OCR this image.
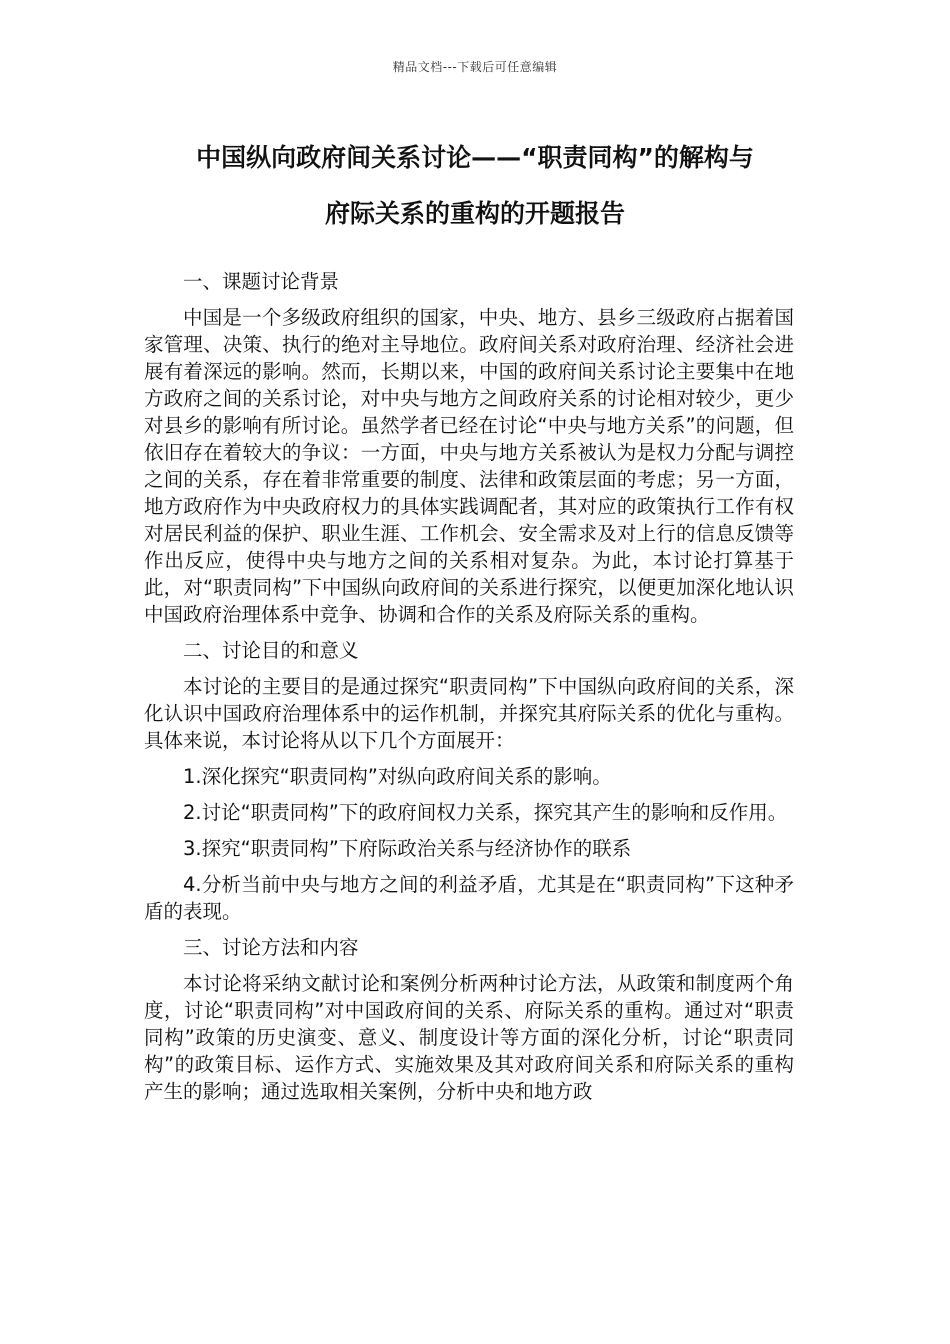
精品文档---下载后可任意编辑
中国纵向政府间关系讨论——“职责同构”的解构与
府际关系的重构的开题报告

一、课题讨论背景

中国是一个多级政府组织的国家，中央、地方、县乡三级政府占据着国家管理、决策、执行的绝对主导地位。政府间关系对政府治理、经济社会进展有着深远的影响。然而，长期以来，中国的政府间关系讨论主要集中在地方政府之间的关系讨论，对中央与地方之间政府关系的讨论相对较少，更少对县乡的影响有所讨论。虽然学者已经在讨论“中央与地方关系”的问题，但依旧存在着较大的争议：一方面，中央与地方关系被认为是权力分配与调控之间的关系，存在着非常重要的制度、法律和政策层面的考虑；另一方面，地方政府作为中央政府权力的具体实践调配者，其对应的政策执行工作有权对居民利益的保护、职业生涯、工作机会、安全需求及对上行的信息反馈等作出反应，使得中央与地方之间的关系相对复杂。为此，本讨论打算基于此，对“职责同构”下中国纵向政府间的关系进行探究，以便更加深化地认识中国政府治理体系中竞争、协调和合作的关系及府际关系的重构。

二、讨论目的和意义

本讨论的主要目的是通过探究“职责同构”下中国纵向政府间的关系，深化认识中国政府治理体系中的运作机制，并探究其府际关系的优化与重构。具体来说，本讨论将从以下几个方面展开：

1.深化探究“职责同构”对纵向政府间关系的影响。

2.讨论“职责同构”下的政府间权力关系，探究其产生的影响和反作用。

3.探究“职责同构”下府际政治关系与经济协作的联系

4.分析当前中央与地方之间的利益矛盾，尤其是在“职责同构”下这种矛盾的表现。

三、讨论方法和内容

本讨论将采纳文献讨论和案例分析两种讨论方法，从政策和制度两个角度，讨论“职责同构”对中国政府间的关系、府际关系的重构。通过对“职责同构”政策的历史演变、意义、制度设计等方面的深化分析，讨论“职责同构”的政策目标、运作方式、实施效果及其对政府间关系和府际关系的重构产生的影响；通过选取相关案例，分析中央和地方政
